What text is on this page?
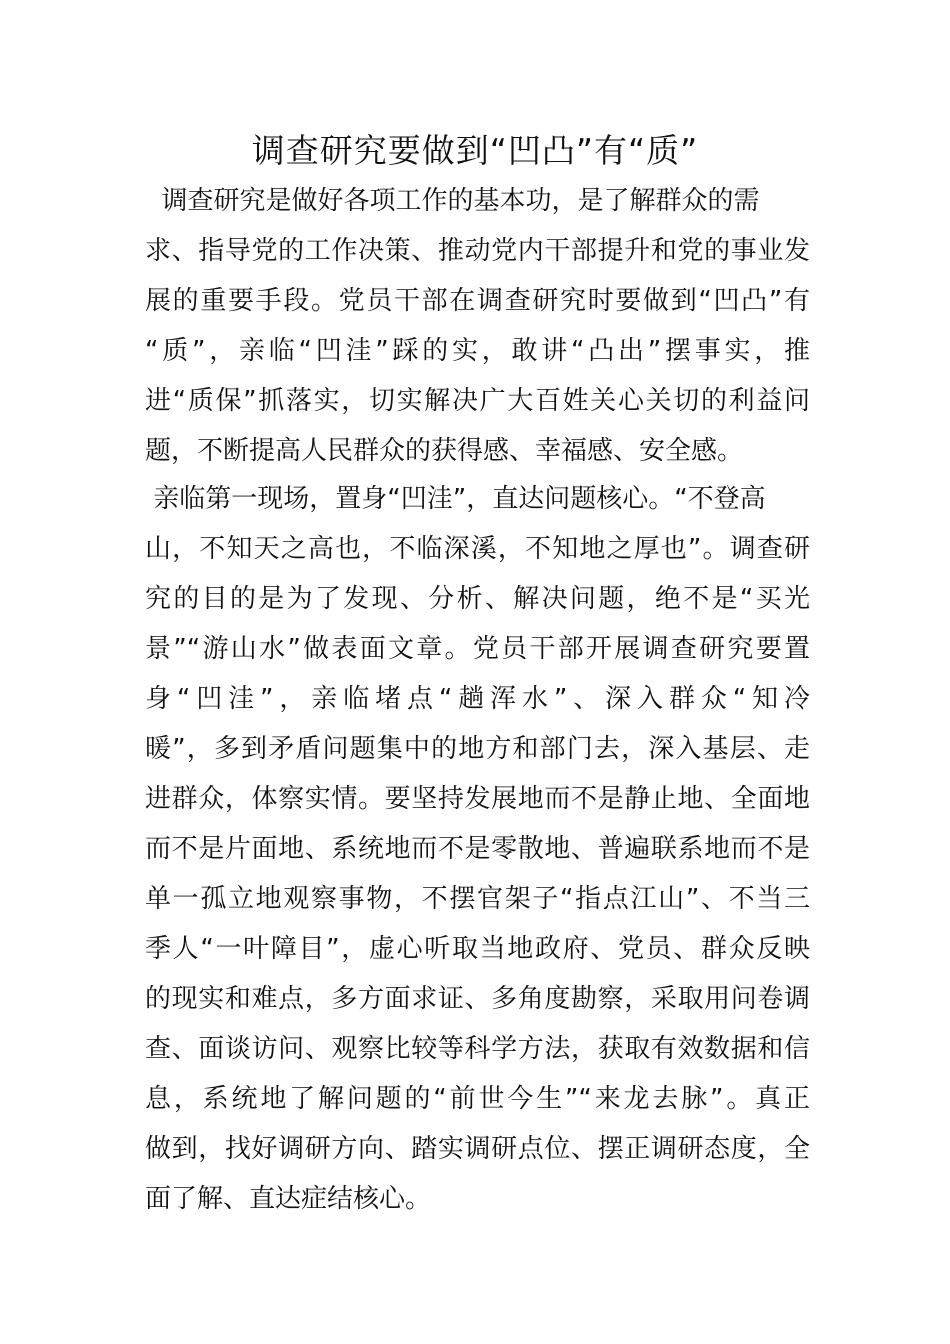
调查研究要做到“凹凸”有“质”
调查研究是做好各项工作的基本功，是了解群众的需
求、指导党的工作决策、推动党内干部提升和党的事业发
展的重要手段。党员干部在调查研究时要做到“凹凸”有
“质”，亲临“凹洼”踩的实，敢讲“凸出”摆事实，推
进“质保”抓落实，切实解决广大百姓关心关切的利益问
题，不断提高人民群众的获得感、幸福感、安全感。
亲临第一现场，置身“凹洼”，直达问题核心。“不登高
山，不知天之高也，不临深溪，不知地之厚也”。调查研
究的目的是为了发现、分析、解决问题，绝不是“买光
景”“游山水”做表面文章。党员干部开展调查研究要置
身“凹洼”，亲临堵点“趟浑水”、深入群众“知冷
暖”，多到矛盾问题集中的地方和部门去，深入基层、走
进群众，体察实情。要坚持发展地而不是静止地、全面地
而不是片面地、系统地而不是零散地、普遍联系地而不是
单一孤立地观察事物，不摆官架子“指点江山”、不当三
季人“一叶障目”，虚心听取当地政府、党员、群众反映
的现实和难点，多方面求证、多角度勘察，采取用问卷调
查、面谈访问、观察比较等科学方法，获取有效数据和信
息，系统地了解问题的“前世今生”“来龙去脉”。真正
做到，找好调研方向、踏实调研点位、摆正调研态度，全
面了解、直达症结核心。
